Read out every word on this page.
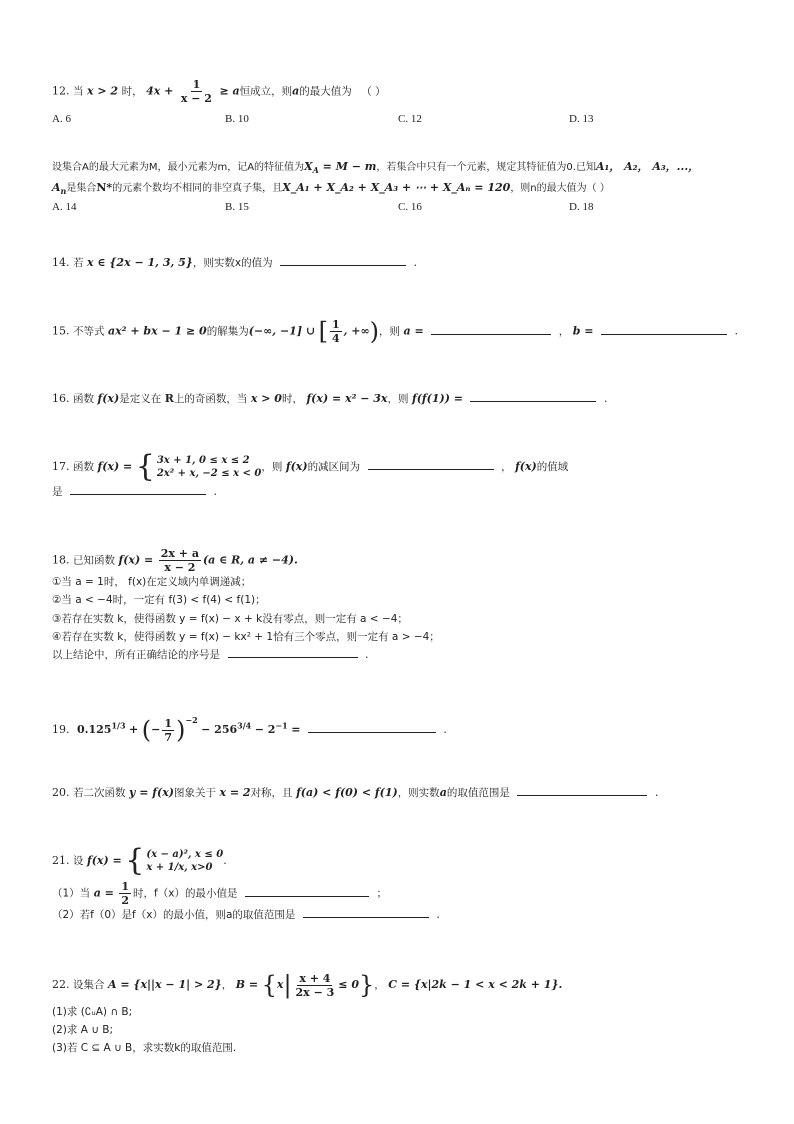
12. 当 x > 2 时， $4x + \frac{1}{x - 2} \ge a$恒成立，则a的最大值为 （ ）
A. 6	B. 10	C. 12	D. 13
设集合A的最大元素为M，最小元素为m，记A的特征值为$X_A = M - m$，若集合中只有一个元素，规定其特征值为0.已知A₁， A₂， A₃，...，
$A_n$是集合N*的元素个数均不相同的非空真子集，且X_A₁ + X_A₂ + X_A₃ + ⋯ + X_Aₙ = 120，则n的最大值为（ ）
A. 14	B. 15	C. 16	D. 18
14. 若 x ∈ {2x − 1, 3, 5}，则实数x的值为	.
15. 不等式 ax² + bx − 1 ≥ 0的解集为(−∞, −1] ∪ [ $\frac{1}{4}$ , +∞)，则 a =	， b =	.
16. 函数 f(x)是定义在 R上的奇函数，当 x > 0时， f(x) = x² − 3x，则 f(f(1)) =	.
17. 函数 f(x) = { 3x + 1, 0 ≤ x ≤ 2
2x² + x, −2 ≤ x < 0
，则 f(x)的减区间为	， f(x)的值域
是	.
18. 已知函数 $f(x) = \frac{2x + a}{x - 2} (a$ ∈ R, a ≠ −4).
①当 a = 1时， f(x)在定义域内单调递减；
②当 a < −4时，一定有 f(3) < f(4) < f(1)；
③若存在实数 k，使得函数 y = f(x) − x + k没有零点，则一定有 a < −4；
④若存在实数 k，使得函数 y = f(x) − kx² + 1恰有三个零点，则一定有 a > −4；
以上结论中，所有正确结论的序号是	.
19. $0.125^{1/3}$ + (− $\frac{1}{7} )^{-2} - 256^{3/4} - 2^{-1}$ =	.
20. 若二次函数 y = f(x)图象关于 x = 2对称，且 f(a) < f(0) < f(1)，则实数a的取值范围是	.
21. 设 f(x) = { (x − a)², x ≤ 0
x + 1/x, x>0
.
（1）当 $a = \frac{1}{2}$ 时，f（x）的最小值是	；
（2）若f（0）是f（x）的最小值，则a的取值范围是	.
22. 设集合 A = {x||x − 1| > 2}， $B = \{x| \frac{x + 4}{2x - 3} \le 0\}$， C = {x|2k − 1 < x < 2k + 1}.
(1)求 (∁ᵤA) ∩ B;
(2)求 A ∪ B;
(3)若 C ⊆ A ∪ B，求实数k的取值范围.
